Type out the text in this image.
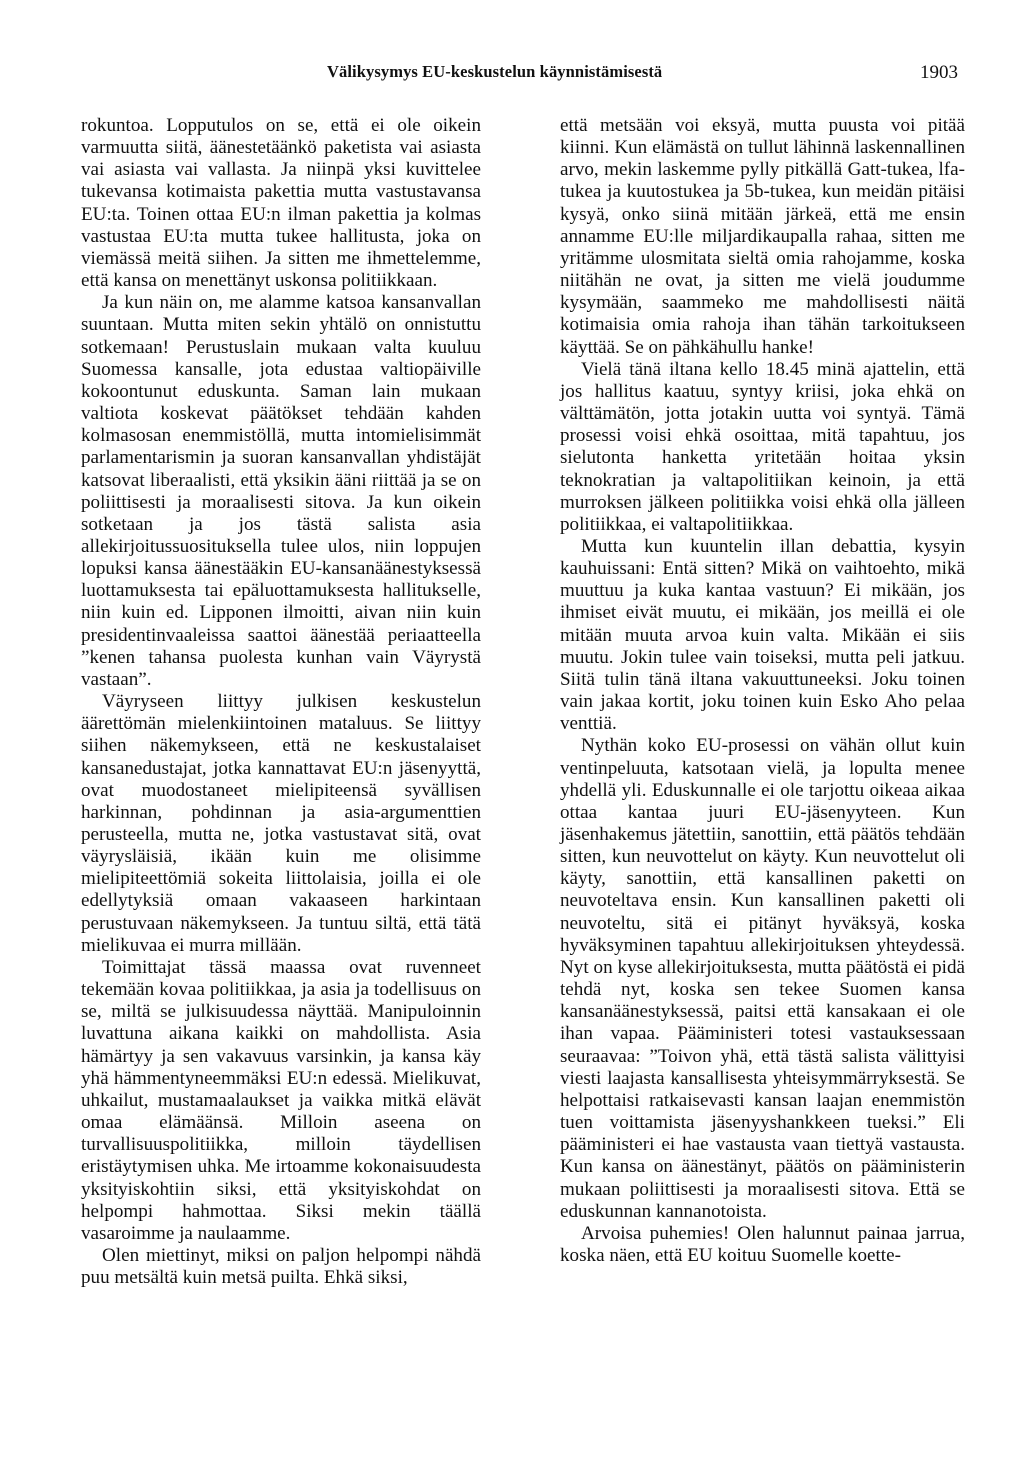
Välikysymys EU-keskustelun käynnistämisestä	1903

rokuntoa. Lopputulos on se, että ei ole oikein varmuutta siitä, äänestetäänkö paketista vai asiasta vai asiasta vai vallasta. Ja niinpä yksi kuvittelee tukevansa kotimaista pakettia mutta vastustavansa EU:ta. Toinen ottaa EU:n ilman pakettia ja kolmas vastustaa EU:ta mutta tukee hallitusta, joka on viemässä meitä siihen. Ja sitten me ihmettelemme, että kansa on menettänyt uskonsa politiikkaan.

Ja kun näin on, me alamme katsoa kansanvallan suuntaan. Mutta miten sekin yhtälö on onnistuttu sotkemaan! Perustuslain mukaan valta kuuluu Suomessa kansalle, jota edustaa valtiopäiville kokoontunut eduskunta. Saman lain mukaan valtiota koskevat päätökset tehdään kahden kolmasosan enemmistöllä, mutta intomielisimmät parlamentarismin ja suoran kansanvallan yhdistäjät katsovat liberaalisti, että yksikin ääni riittää ja se on poliittisesti ja moraalisesti sitova. Ja kun oikein sotketaan ja jos tästä salista asia allekirjoitussuosituksella tulee ulos, niin loppujen lopuksi kansa äänestääkin EU-kansanäänestyksessä luottamuksesta tai epäluottamuksesta hallitukselle, niin kuin ed. Lipponen ilmoitti, aivan niin kuin presidentinvaaleissa saattoi äänestää periaatteella ”kenen tahansa puolesta kunhan vain Väyrystä vastaan”.

Väyryseen liittyy julkisen keskustelun äärettömän mielenkiintoinen mataluus. Se liittyy siihen näkemykseen, että ne keskustalaiset kansanedustajat, jotka kannattavat EU:n jäsenyyttä, ovat muodostaneet mielipiteensä syvällisen harkinnan, pohdinnan ja asia-argumenttien perusteella, mutta ne, jotka vastustavat sitä, ovat väyrysläisiä, ikään kuin me olisimme mielipiteettömiä sokeita liittolaisia, joilla ei ole edellytyksiä omaan vakaaseen harkintaan perustuvaan näkemykseen. Ja tuntuu siltä, että tätä mielikuvaa ei murra millään.

Toimittajat tässä maassa ovat ruvenneet tekemään kovaa politiikkaa, ja asia ja todellisuus on se, miltä se julkisuudessa näyttää. Manipuloinnin luvattuna aikana kaikki on mahdollista. Asia hämärtyy ja sen vakavuus varsinkin, ja kansa käy yhä hämmentyneemmäksi EU:n edessä. Mielikuvat, uhkailut, mustamaalaukset ja vaikka mitkä elävät omaa elämäänsä. Milloin aseena on turvallisuuspolitiikka, milloin täydellisen eristäytymisen uhka. Me irtoamme kokonaisuudesta yksityiskohtiin siksi, että yksityiskohdat on helpompi hahmottaa. Siksi mekin täällä vasaroimme ja naulaamme.

Olen miettinyt, miksi on paljon helpompi nähdä puu metsältä kuin metsä puilta. Ehkä siksi,

että metsään voi eksyä, mutta puusta voi pitää kiinni. Kun elämästä on tullut lähinnä laskennallinen arvo, mekin laskemme pylly pitkällä Gatt-tukea, lfa-tukea ja kuutostukea ja 5b-tukea, kun meidän pitäisi kysyä, onko siinä mitään järkeä, että me ensin annamme EU:lle miljardikaupalla rahaa, sitten me yritämme ulosmitata sieltä omia rahojamme, koska niitähän ne ovat, ja sitten me vielä joudumme kysymään, saammeko me mahdollisesti näitä kotimaisia omia rahoja ihan tähän tarkoitukseen käyttää. Se on pähkähullu hanke!

Vielä tänä iltana kello 18.45 minä ajattelin, että jos hallitus kaatuu, syntyy kriisi, joka ehkä on välttämätön, jotta jotakin uutta voi syntyä. Tämä prosessi voisi ehkä osoittaa, mitä tapahtuu, jos sielutonta hanketta yritetään hoitaa yksin teknokratian ja valtapolitiikan keinoin, ja että murroksen jälkeen politiikka voisi ehkä olla jälleen politiikkaa, ei valtapolitiikkaa.

Mutta kun kuuntelin illan debattia, kysyin kauhuissani: Entä sitten? Mikä on vaihtoehto, mikä muuttuu ja kuka kantaa vastuun? Ei mikään, jos ihmiset eivät muutu, ei mikään, jos meillä ei ole mitään muuta arvoa kuin valta. Mikään ei siis muutu. Jokin tulee vain toiseksi, mutta peli jatkuu. Siitä tulin tänä iltana vakuuttuneeksi. Joku toinen vain jakaa kortit, joku toinen kuin Esko Aho pelaa venttiä.

Nythän koko EU-prosessi on vähän ollut kuin ventinpeluuta, katsotaan vielä, ja lopulta menee yhdellä yli. Eduskunnalle ei ole tarjottu oikeaa aikaa ottaa kantaa juuri EU-jäsenyyteen. Kun jäsenhakemus jätettiin, sanottiin, että päätös tehdään sitten, kun neuvottelut on käyty. Kun neuvottelut oli käyty, sanottiin, että kansallinen paketti on neuvoteltava ensin. Kun kansallinen paketti oli neuvoteltu, sitä ei pitänyt hyväksyä, koska hyväksyminen tapahtuu allekirjoituksen yhteydessä. Nyt on kyse allekirjoituksesta, mutta päätöstä ei pidä tehdä nyt, koska sen tekee Suomen kansa kansanäänestyksessä, paitsi että kansakaan ei ole ihan vapaa. Pääministeri totesi vastauksessaan seuraavaa: ”Toivon yhä, että tästä salista välittyisi viesti laajasta kansallisesta yhteisymmärryksestä. Se helpottaisi ratkaisevasti kansan laajan enemmistön tuen voittamista jäsenyyshankkeen tueksi.” Eli pääministeri ei hae vastausta vaan tiettyä vastausta. Kun kansa on äänestänyt, päätös on pääministerin mukaan poliittisesti ja moraalisesti sitova. Että se eduskunnan kannanotoista.

Arvoisa puhemies! Olen halunnut painaa jarrua, koska näen, että EU koituu Suomelle koette-
